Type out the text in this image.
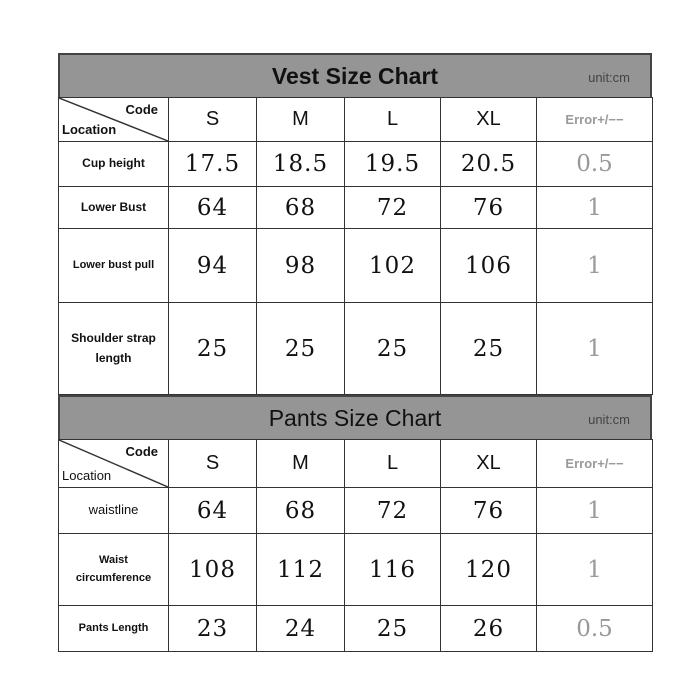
Vest Size Chart	unit:cm
Code
Location	S	M	L	XL	Error+/−−
Cup height	17.5	18.5	19.5	20.5	0.5
Lower Bust	64	68	72	76	1
Lower bust pull	94	98	102	106	1
Shoulder strap length	25	25	25	25	1
Pants Size Chart	unit:cm
Code
Location	S	M	L	XL	Error+/−−
waistline	64	68	72	76	1
Waist circumference	108	112	116	120	1
Pants Length	23	24	25	26	0.5
